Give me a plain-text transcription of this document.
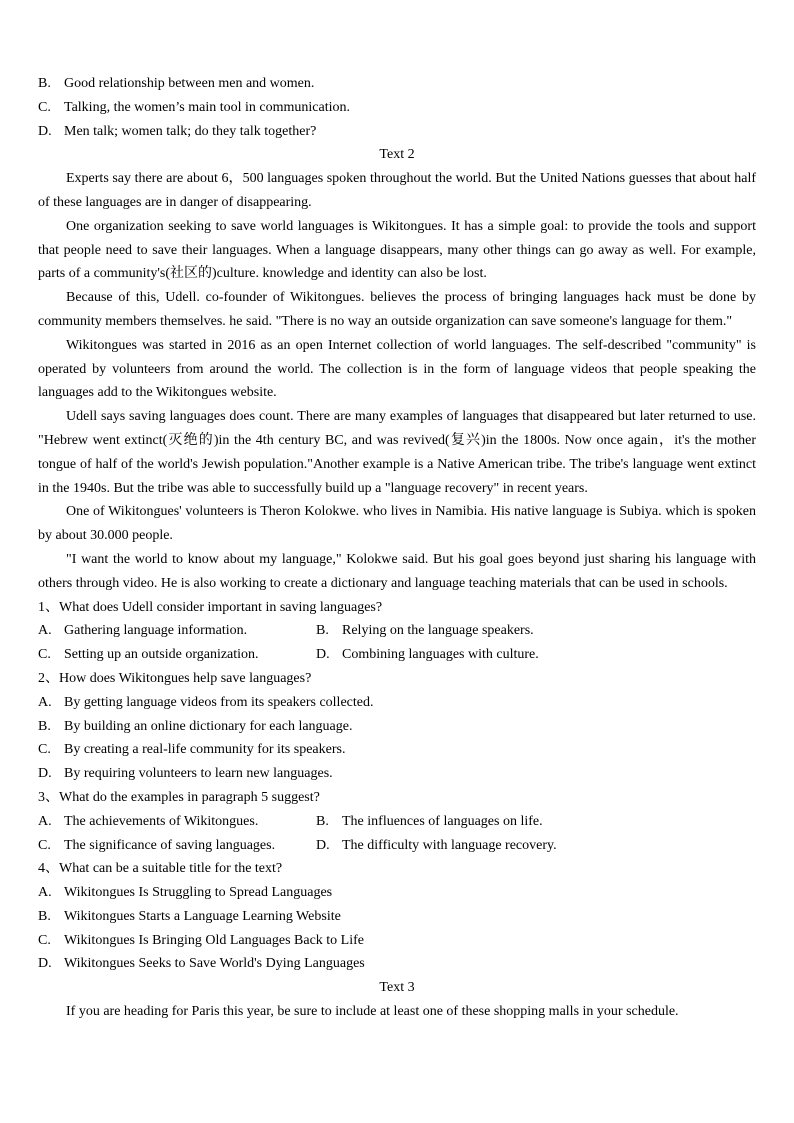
B. Good relationship between men and women.
C. Talking, the women’s main tool in communication.
D. Men talk; women talk; do they talk together?
Text 2

Experts say there are about 6，500 languages spoken throughout the world. But the United Nations guesses that about half of these languages are in danger of disappearing.

One organization seeking to save world languages is Wikitongues. It has a simple goal: to provide the tools and support that people need to save their languages. When a language disappears, many other things can go away as well. For example, parts of a community's(社区的)culture. knowledge and identity can also be lost.

Because of this, Udell. co-founder of Wikitongues. believes the process of bringing languages hack must be done by community members themselves. he said. "There is no way an outside organization can save someone's language for them."

Wikitongues was started in 2016 as an open Internet collection of world languages. The self-described "community" is operated by volunteers from around the world. The collection is in the form of language videos that people speaking the languages add to the Wikitongues website.

Udell says saving languages does count. There are many examples of languages that disappeared but later returned to use. "Hebrew went extinct(灭绝的)in the 4th century BC, and was revived(复兴)in the 1800s. Now once again，it's the mother tongue of half of the world's Jewish population."Another example is a Native American tribe. The tribe's language went extinct in the 1940s. But the tribe was able to successfully build up a "language recovery" in recent years.

One of Wikitongues' volunteers is Theron Kolokwe. who lives in Namibia. His native language is Subiya. which is spoken by about 30.000 people.

"I want the world to know about my language," Kolokwe said. But his goal goes beyond just sharing his language with others through video. He is also working to create a dictionary and language teaching materials that can be used in schools.

1、What does Udell consider important in saving languages?
A. Gathering language information.	B. Relying on the language speakers.
C. Setting up an outside organization.	D. Combining languages with culture.
2、How does Wikitongues help save languages?
A. By getting language videos from its speakers collected.
B. By building an online dictionary for each language.
C. By creating a real-life community for its speakers.
D. By requiring volunteers to learn new languages.
3、What do the examples in paragraph 5 suggest?
A. The achievements of Wikitongues.	B. The influences of languages on life.
C. The significance of saving languages.	D. The difficulty with language recovery.
4、What can be a suitable title for the text?
A. Wikitongues Is Struggling to Spread Languages
B. Wikitongues Starts a Language Learning Website
C. Wikitongues Is Bringing Old Languages Back to Life
D. Wikitongues Seeks to Save World's Dying Languages
Text 3

If you are heading for Paris this year, be sure to include at least one of these shopping malls in your schedule.
